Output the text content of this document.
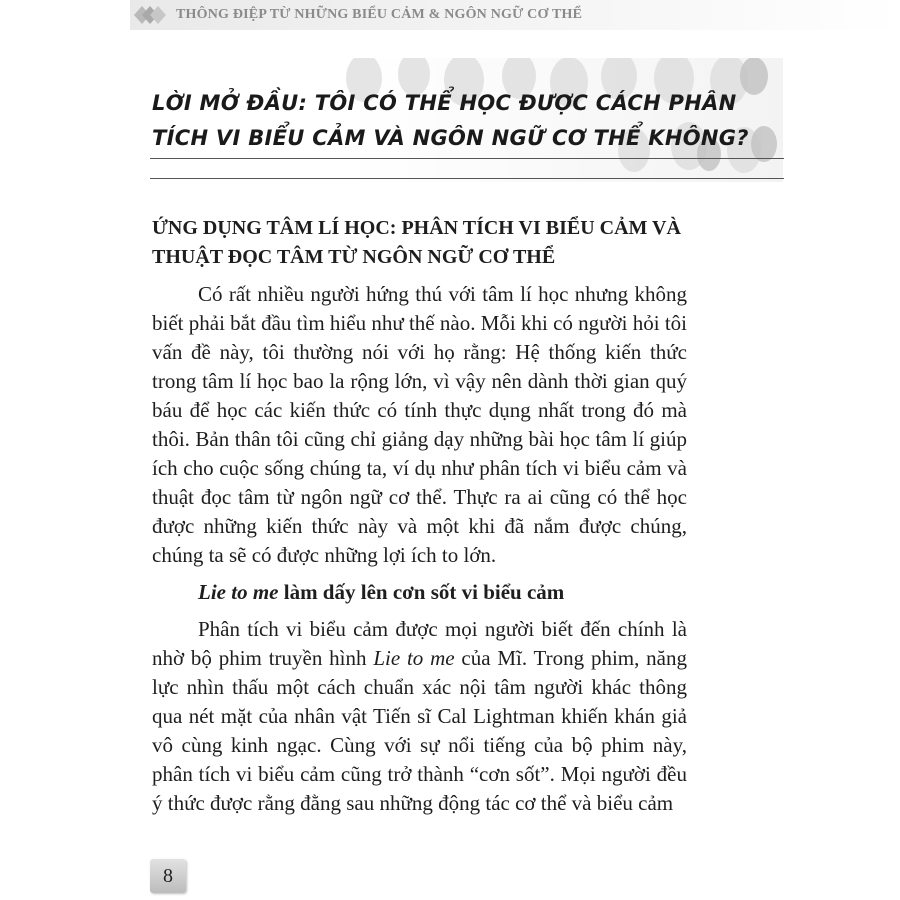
THÔNG ĐIỆP TỪ NHỮNG BIỂU CẢM & NGÔN NGỮ CƠ THỂ

LỜI MỞ ĐẦU: TÔI CÓ THỂ HỌC ĐƯỢC CÁCH PHÂN TÍCH VI BIỂU CẢM VÀ NGÔN NGỮ CƠ THỂ KHÔNG?

ỨNG DỤNG TÂM LÍ HỌC: PHÂN TÍCH VI BIỂU CẢM VÀ THUẬT ĐỌC TÂM TỪ NGÔN NGỮ CƠ THỂ

Có rất nhiều người hứng thú với tâm lí học nhưng không biết phải bắt đầu tìm hiểu như thế nào. Mỗi khi có người hỏi tôi vấn đề này, tôi thường nói với họ rằng: Hệ thống kiến thức trong tâm lí học bao la rộng lớn, vì vậy nên dành thời gian quý báu để học các kiến thức có tính thực dụng nhất trong đó mà thôi. Bản thân tôi cũng chỉ giảng dạy những bài học tâm lí giúp ích cho cuộc sống chúng ta, ví dụ như phân tích vi biểu cảm và thuật đọc tâm từ ngôn ngữ cơ thể. Thực ra ai cũng có thể học được những kiến thức này và một khi đã nắm được chúng, chúng ta sẽ có được những lợi ích to lớn.

Lie to me làm dấy lên cơn sốt vi biểu cảm

Phân tích vi biểu cảm được mọi người biết đến chính là nhờ bộ phim truyền hình Lie to me của Mĩ. Trong phim, năng lực nhìn thấu một cách chuẩn xác nội tâm người khác thông qua nét mặt của nhân vật Tiến sĩ Cal Lightman khiến khán giả vô cùng kinh ngạc. Cùng với sự nổi tiếng của bộ phim này, phân tích vi biểu cảm cũng trở thành “cơn sốt”. Mọi người đều ý thức được rằng đằng sau những động tác cơ thể và biểu cảm

8
